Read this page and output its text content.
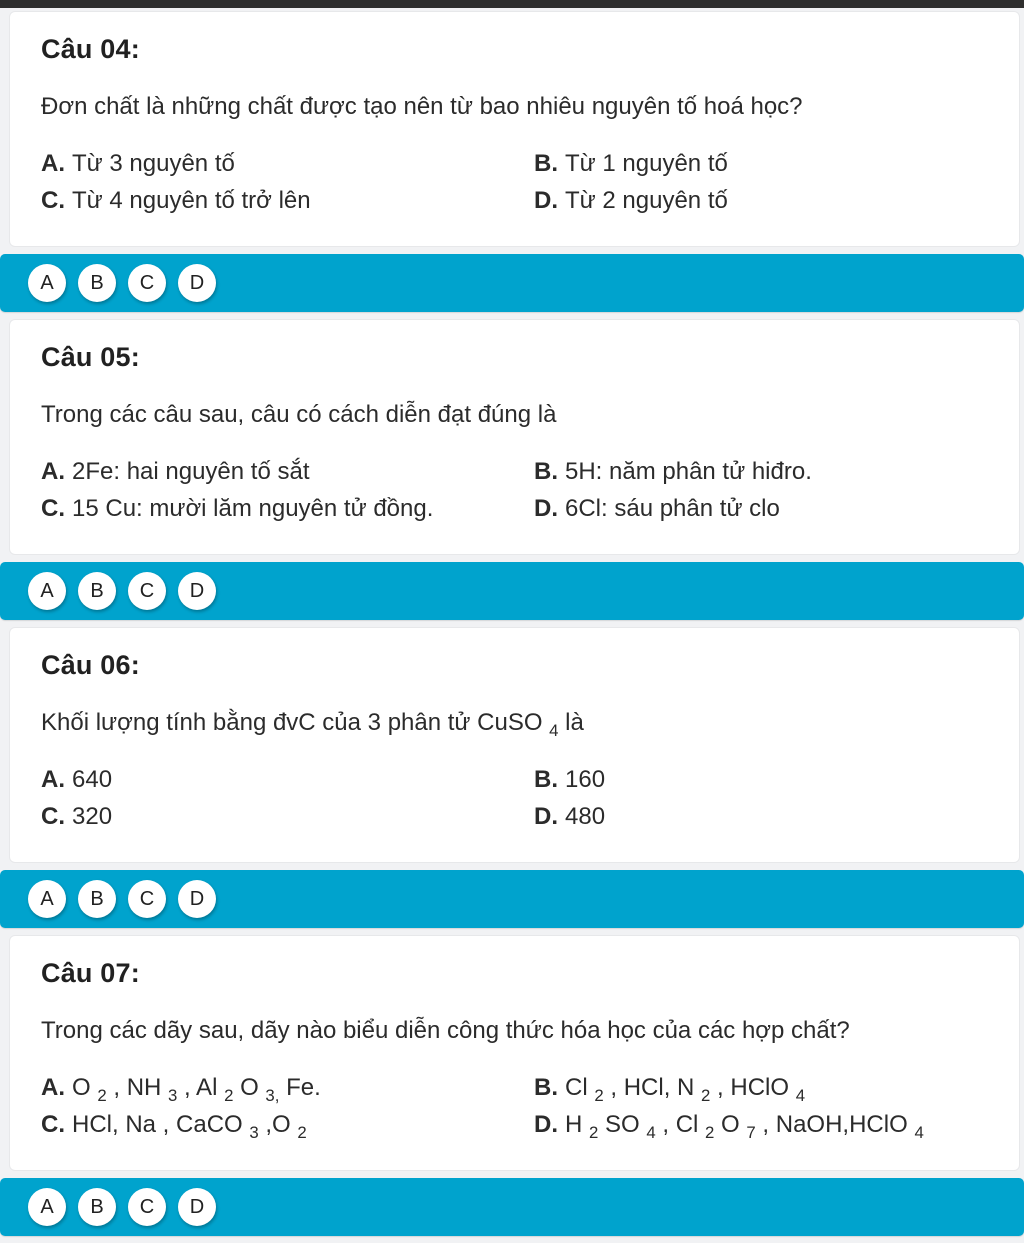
Câu 04:

Đơn chất là những chất được tạo nên từ bao nhiêu nguyên tố hoá học?

A. Từ 3 nguyên tố	B. Từ 1 nguyên tố
C. Từ 4 nguyên tố trở lên	D. Từ 2 nguyên tố
A	B	C	D
Câu 05:

Trong các câu sau, câu có cách diễn đạt đúng là

A. 2Fe: hai nguyên tố sắt	B. 5H: năm phân tử hiđro.
C. 15 Cu: mười lăm nguyên tử đồng.	D. 6Cl: sáu phân tử clo
A	B	C	D
Câu 06:

Khối lượng tính bằng đvC của 3 phân tử CuSO $_4$ là

A. 640	B. 160
C. 320	D. 480
A	B	C	D
Câu 07:

Trong các dãy sau, dãy nào biểu diễn công thức hóa học của các hợp chất?

A. O $_2$ , NH $_3$ , Al $_2$ O $_{3,}$ Fe.	B. Cl $_2$ , HCl, N $_2$ , HClO $_4$
C. HCl, Na , CaCO $_3$ ,O $_2$	D. H $_2$ SO $_4$ , Cl $_2$ O $_7$ , NaOH,HClO $_4$
A	B	C	D
